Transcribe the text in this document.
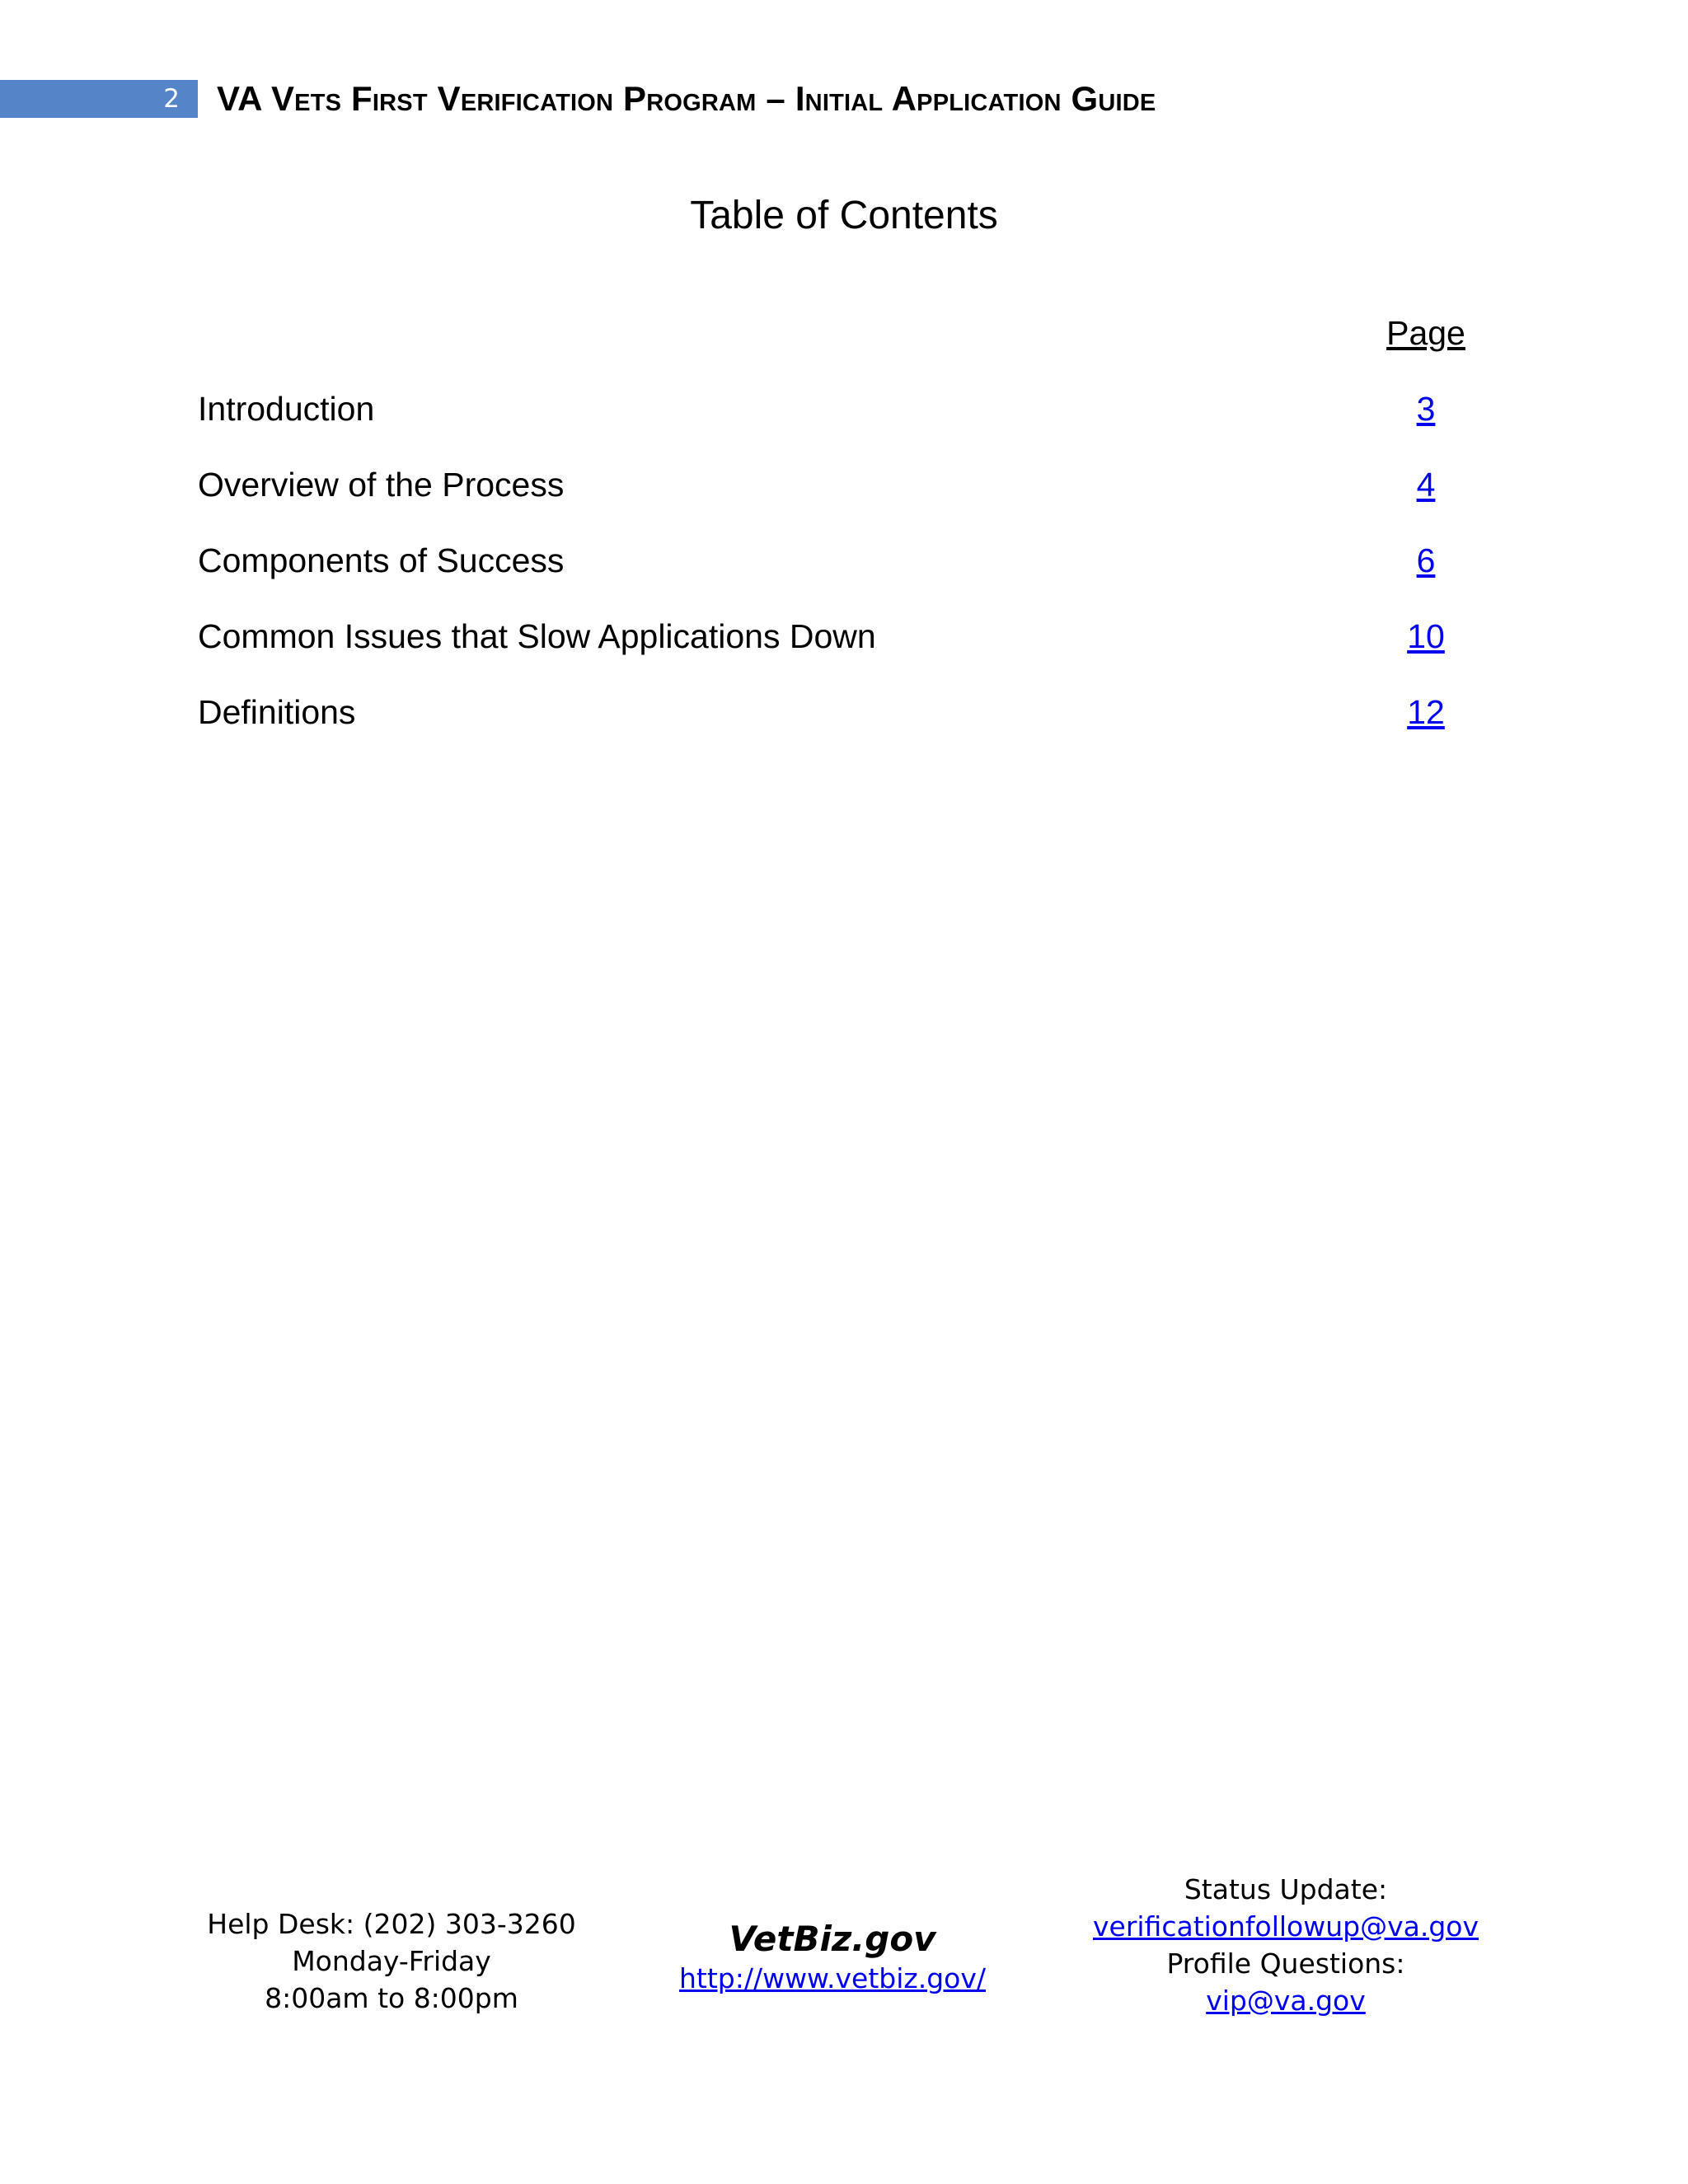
2 VA Vets First Verification Program – Initial Application Guide
Table of Contents
Page
Introduction	3
Overview of the Process	4
Components of Success	6
Common Issues that Slow Applications Down	10
Definitions	12
Help Desk: (202) 303-3260
Monday-Friday
8:00am to 8:00pm
VetBiz.gov
http://www.vetbiz.gov/
Status Update:
verificationfollowup@va.gov
Profile Questions:
vip@va.gov
